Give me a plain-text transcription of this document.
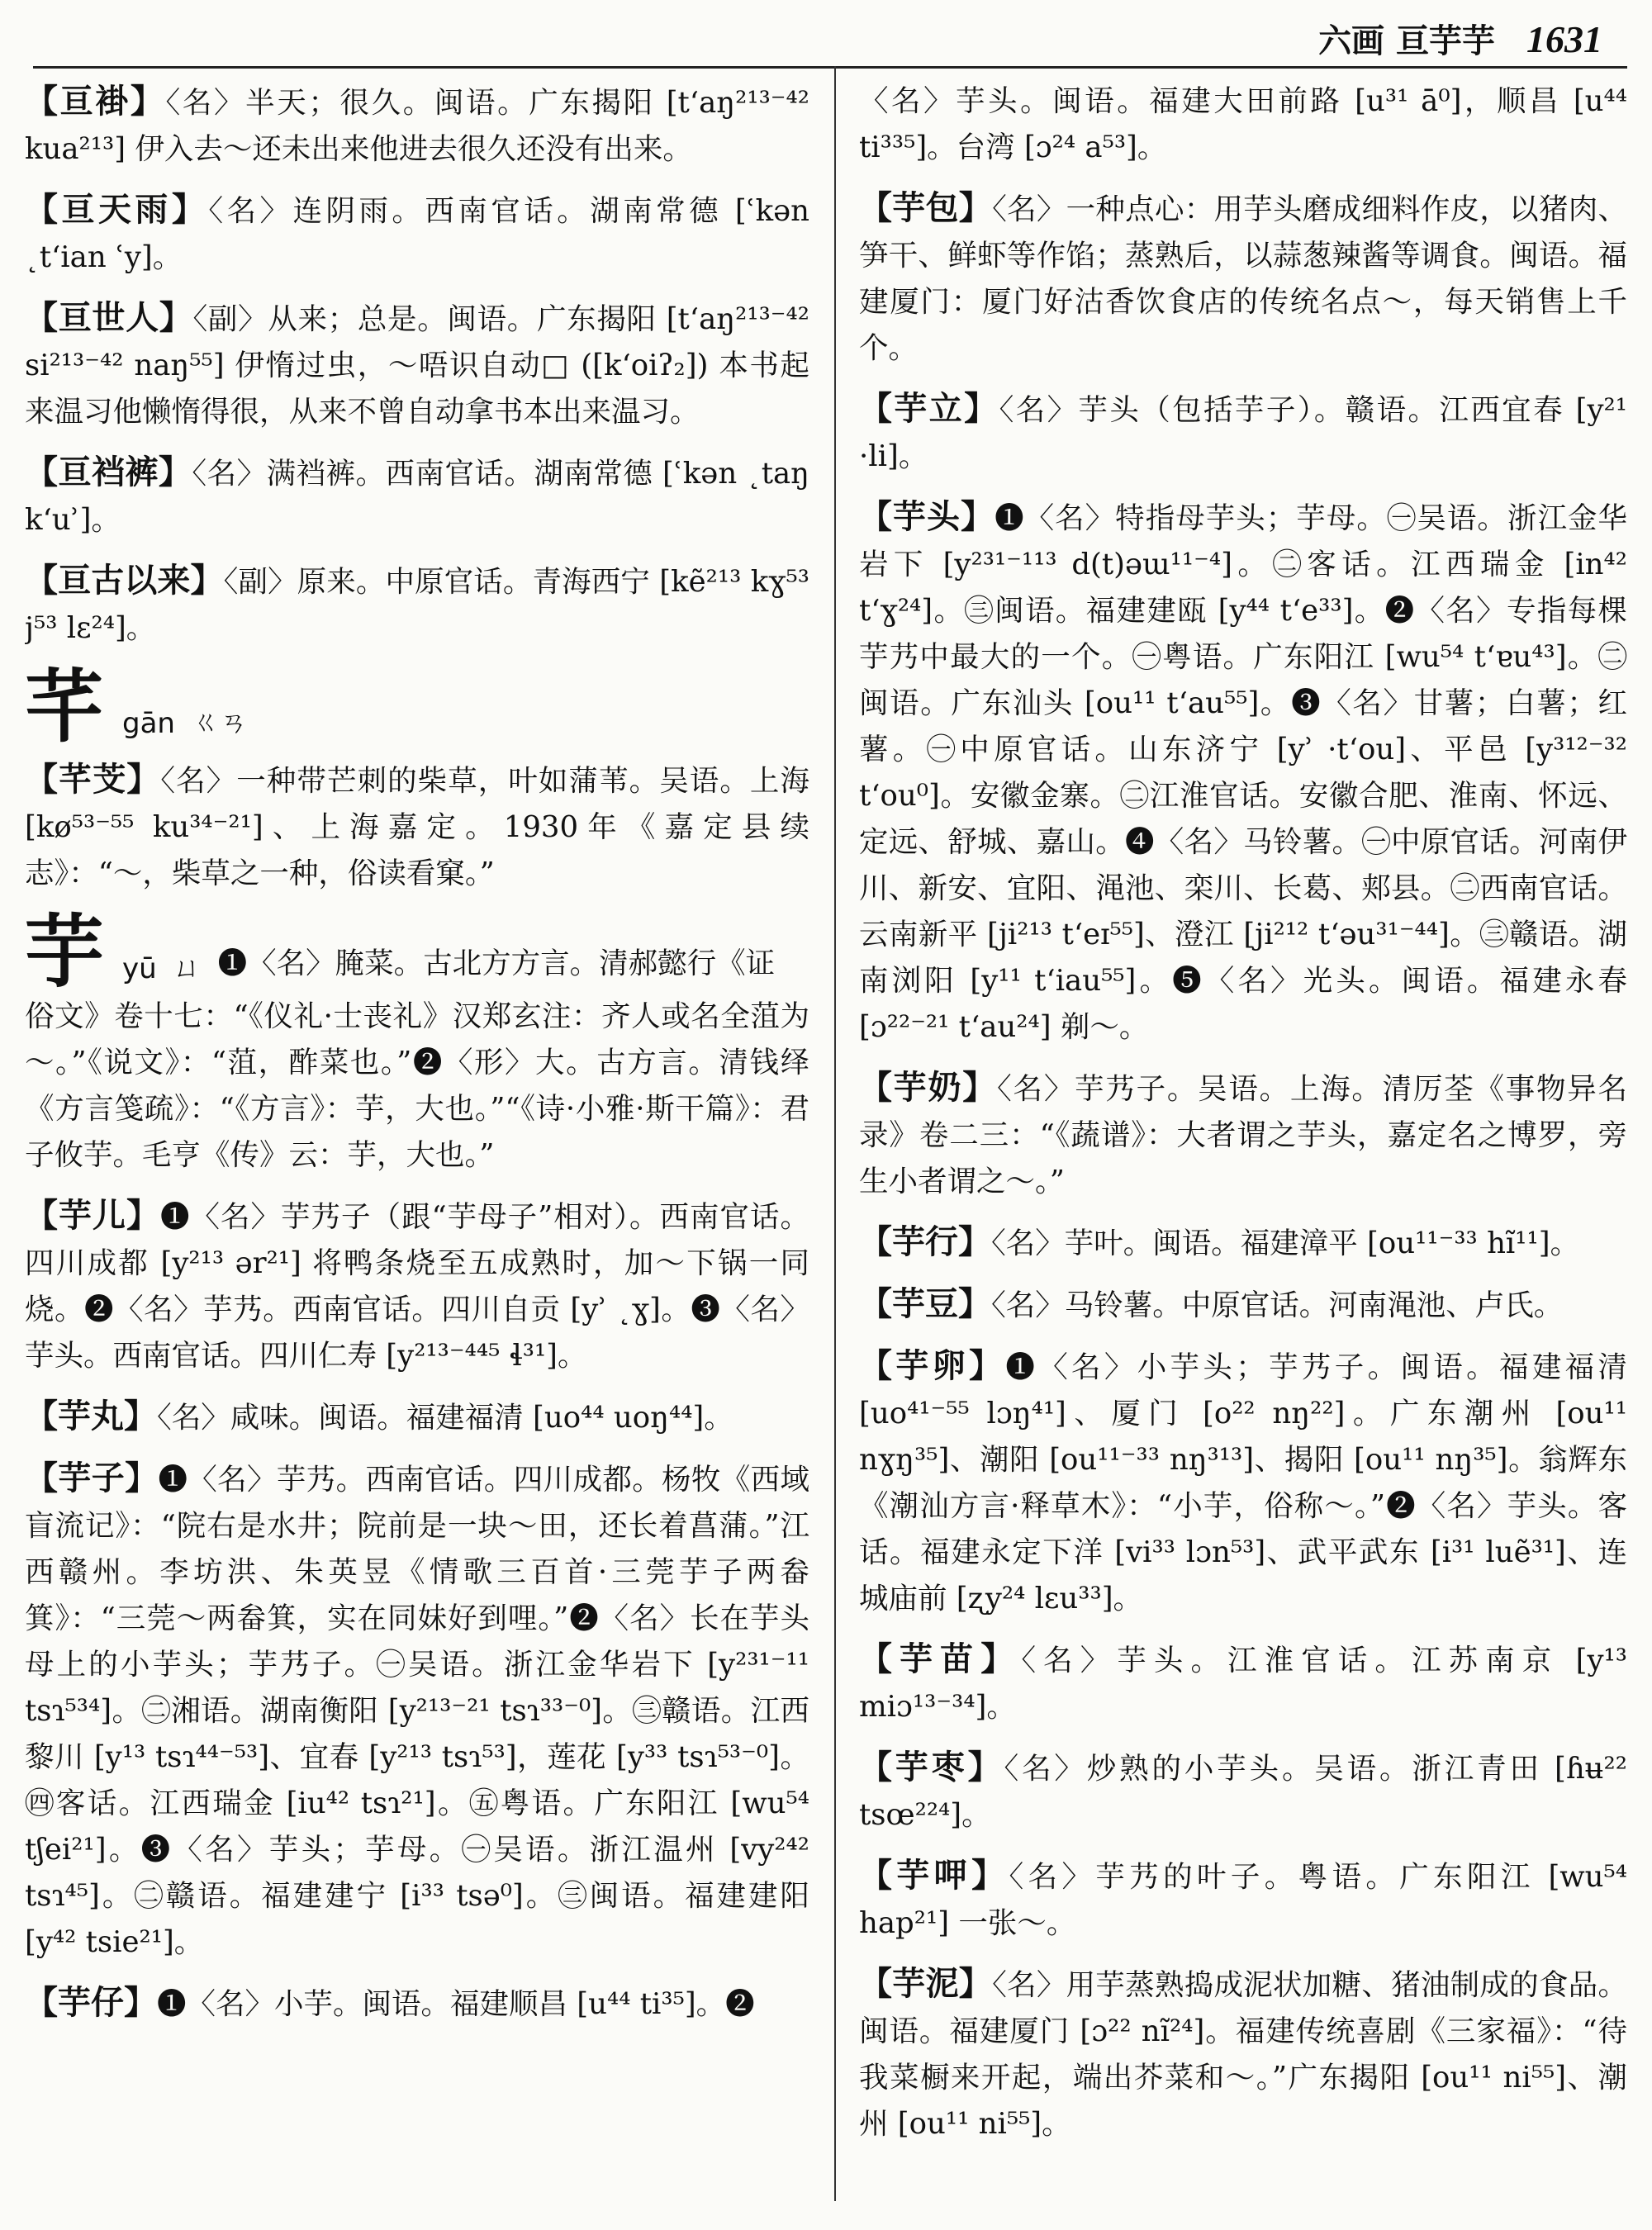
六画 亘芋芋 1631

【亘褂】〈名〉半天；很久。闽语。广东揭阳 [tʻaŋ²¹³⁻⁴² kua²¹³] 伊入去～还未出来他进去很久还没有出来。

【亘天雨】〈名〉连阴雨。西南官话。湖南常德 [ʿkən ˛tʻian ʿy]。

【亘世人】〈副〉从来；总是。闽语。广东揭阳 [tʻaŋ²¹³⁻⁴² si²¹³⁻⁴² naŋ⁵⁵] 伊惰过虫，～唔识自动□ ([kʻoiʔ₂]) 本书起来温习他懒惰得很，从来不曾自动拿书本出来温习。

【亘裆裤】〈名〉满裆裤。西南官话。湖南常德 [ʿkən ˛taŋ kʻuʾ]。

【亘古以来】〈副〉原来。中原官话。青海西宁 [kẽ²¹³ kɣ⁵³ j⁵³ lɛ²⁴]。

芊 gān ㄍㄢ

【芊芠】〈名〉一种带芒刺的柴草，叶如蒲苇。吴语。上海 [kø⁵³⁻⁵⁵ ku³⁴⁻²¹]、上海嘉定。1930年《嘉定县续志》：“～，柴草之一种，俗读看窠。”

芋 yū ㄩ ❶〈名〉腌菜。古北方方言。清郝懿行《证
俗文》卷十七：“《仪礼·士丧礼》汉郑玄注：齐人或名全菹为～。”《说文》：“菹，酢菜也。”❷〈形〉大。古方言。清钱绎《方言笺疏》：“《方言》：芋，大也。”“《诗·小雅·斯干篇》：君子攸芋。毛亨《传》云：芋，大也。”

【芋儿】❶〈名〉芋艿子（跟“芋母子”相对）。西南官话。四川成都 [y²¹³ ər²¹] 将鸭条烧至五成熟时，加～下锅一同烧。❷〈名〉芋艿。西南官话。四川自贡 [yʾ ˛ɣ]。❸〈名〉芋头。西南官话。四川仁寿 [y²¹³⁻⁴⁴⁵ ɬ³¹]。

【芋丸】〈名〉咸味。闽语。福建福清 [uo⁴⁴ uoŋ⁴⁴]。

【芋子】❶〈名〉芋艿。西南官话。四川成都。杨牧《西域盲流记》：“院右是水井；院前是一块～田，还长着菖蒲。”江西赣州。李坊洪、朱英昱《情歌三百首·三莞芋子两畚箕》：“三莞～两畚箕，实在同妹好到哩。”❷〈名〉长在芋头母上的小芋头；芋艿子。㊀吴语。浙江金华岩下 [y²³¹⁻¹¹ tsɿ⁵³⁴]。㊁湘语。湖南衡阳 [y²¹³⁻²¹ tsɿ³³⁻⁰]。㊂赣语。江西黎川 [y¹³ tsɿ⁴⁴⁻⁵³]、宜春 [y²¹³ tsɿ⁵³]，莲花 [y³³ tsɿ⁵³⁻⁰]。㊃客话。江西瑞金 [iu⁴² tsɿ²¹]。㊄粤语。广东阳江 [wu⁵⁴ tʃei²¹]。❸〈名〉芋头；芋母。㊀吴语。浙江温州 [vy²⁴² tsɿ⁴⁵]。㊁赣语。福建建宁 [i³³ tsə⁰]。㊂闽语。福建建阳 [y⁴² tsie²¹]。

【芋仔】❶〈名〉小芋。闽语。福建顺昌 [u⁴⁴ ti³⁵]。❷

〈名〉芋头。闽语。福建大田前路 [u³¹ ā⁰]，顺昌 [u⁴⁴ ti³³⁵]。台湾 [ɔ²⁴ a⁵³]。

【芋包】〈名〉一种点心：用芋头磨成细料作皮，以猪肉、笋干、鲜虾等作馅；蒸熟后，以蒜葱辣酱等调食。闽语。福建厦门：厦门好沽香饮食店的传统名点～，每天销售上千个。

【芋立】〈名〉芋头（包括芋子）。赣语。江西宜春 [y²¹ ·li]。

【芋头】❶〈名〉特指母芋头；芋母。㊀吴语。浙江金华岩下 [y²³¹⁻¹¹³ d(t)əɯ¹¹⁻⁴]。㊁客话。江西瑞金 [in⁴² tʻɣ²⁴]。㊂闽语。福建建瓯 [y⁴⁴ tʻe³³]。❷〈名〉专指每棵芋艿中最大的一个。㊀粤语。广东阳江 [wu⁵⁴ tʻɐu⁴³]。㊁闽语。广东汕头 [ou¹¹ tʻau⁵⁵]。❸〈名〉甘薯；白薯；红薯。㊀中原官话。山东济宁 [yʾ ·tʻou]、平邑 [y³¹²⁻³² tʻou⁰]。安徽金寨。㊁江淮官话。安徽合肥、淮南、怀远、定远、舒城、嘉山。❹〈名〉马铃薯。㊀中原官话。河南伊川、新安、宜阳、渑池、栾川、长葛、郏县。㊁西南官话。云南新平 [ji²¹³ tʻeɪ⁵⁵]、澄江 [ji²¹² tʻəu³¹⁻⁴⁴]。㊂赣语。湖南浏阳 [y¹¹ tʻiau⁵⁵]。❺〈名〉光头。闽语。福建永春 [ɔ²²⁻²¹ tʻau²⁴] 剃～。

【芋奶】〈名〉芋艿子。吴语。上海。清厉荃《事物异名录》卷二三：“《蔬谱》：大者谓之芋头，嘉定名之博罗，旁生小者谓之～。”

【芋行】〈名〉芋叶。闽语。福建漳平 [ou¹¹⁻³³ hĩ¹¹]。

【芋豆】〈名〉马铃薯。中原官话。河南渑池、卢氏。

【芋卵】❶〈名〉小芋头；芋艿子。闽语。福建福清 [uo⁴¹⁻⁵⁵ lɔŋ⁴¹]、厦门 [o²² nŋ²²]。广东潮州 [ou¹¹ nɣŋ³⁵]、潮阳 [ou¹¹⁻³³ nŋ³¹³]、揭阳 [ou¹¹ nŋ³⁵]。翁辉东《潮汕方言·释草木》：“小芋，俗称～。”❷〈名〉芋头。客话。福建永定下洋 [vi³³ lɔn⁵³]、武平武东 [i³¹ luẽ³¹]、连城庙前 [ʐy²⁴ lɛu³³]。

【芋苗】〈名〉芋头。江淮官话。江苏南京 [y¹³ miɔ¹³⁻³⁴]。

【芋枣】〈名〉炒熟的小芋头。吴语。浙江青田 [ɦʉ²² tsœ²²⁴]。

【芋呷】〈名〉芋艿的叶子。粤语。广东阳江 [wu⁵⁴ hap²¹] 一张～。

【芋泥】〈名〉用芋蒸熟捣成泥状加糖、猪油制成的食品。闽语。福建厦门 [ɔ²² nĩ²⁴]。福建传统喜剧《三家福》：“待我菜橱来开起，端出芥菜和～。”广东揭阳 [ou¹¹ ni⁵⁵]、潮州 [ou¹¹ ni⁵⁵]。
